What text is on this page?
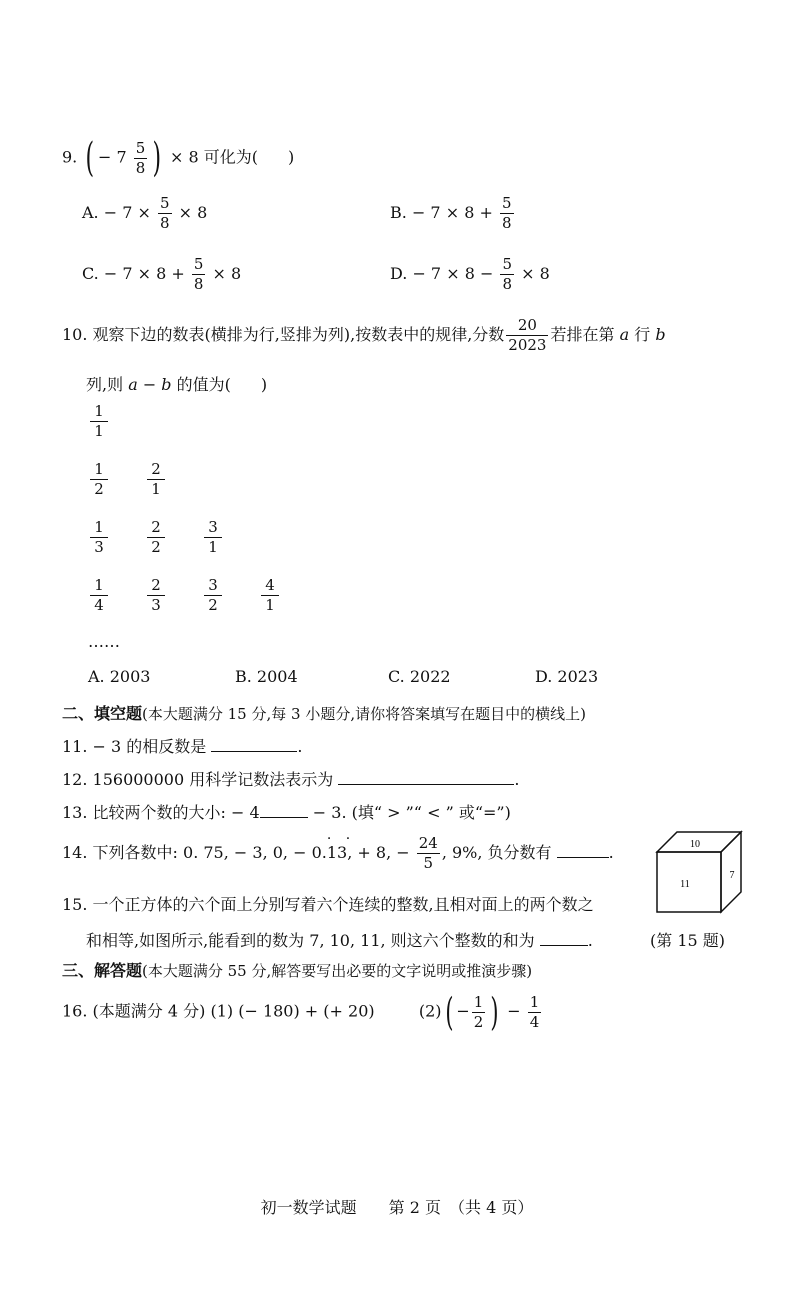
9. ( − $7 \frac{5}{8}$ ) × 8 可化为( )
A. − $7 \times \frac{5}{8} \times 8$	B. − $7 \times 8 + \frac{5}{8}$
C. − $7 \times 8 + \frac{5}{8} \times 8$	D. − $7 \times 8 - \frac{5}{8} \times 8$
10. 观察下边的数表(横排为行,竖排为列),按数表中的规律,分数 $\frac{20}{2023}$ 若排在第 a 行 b
列,则 a − b 的值为( )
$\frac{1}{1}$
$\frac{1}{2}$	$\frac{2}{1}$
$\frac{1}{3}$	$\frac{2}{2}$	$\frac{3}{1}$
$\frac{1}{4}$	$\frac{2}{3}$	$\frac{3}{2}$	$\frac{4}{1}$
……
A. 2003	B. 2004	C. 2022	D. 2023
二、填空题(本大题满分 15 分,每 3 小题分,请你将答案填写在题目中的横线上)
11. − 3 的相反数是	.
12. 156000000 用科学记数法表示为	.
13. 比较两个数的大小: − 4	− 3. (填“ > ”“ < ” 或“=”)
14. 下列各数中: 0. 75, − 3, 0, − 0.
· ·
13, + 8, − $\frac{24}{5}$ , 9%, 负分数有	.
15. 一个正方体的六个面上分别写着六个连续的整数,且相对面上的两个数之
和相等,如图所示,能看到的数为 7, 10, 11, 则这六个整数的和为	.	(第 15 题)
10
11
7
三、解答题(本大题满分 55 分,解答要写出必要的文字说明或推演步骤)
16. (本题满分 4 分) (1) (− 180) + (+ 20)	$(2)( - \frac{1}{2}$ ) − $\frac{1}{4}$
初一数学试题　　第 2 页　（共 4 页）
